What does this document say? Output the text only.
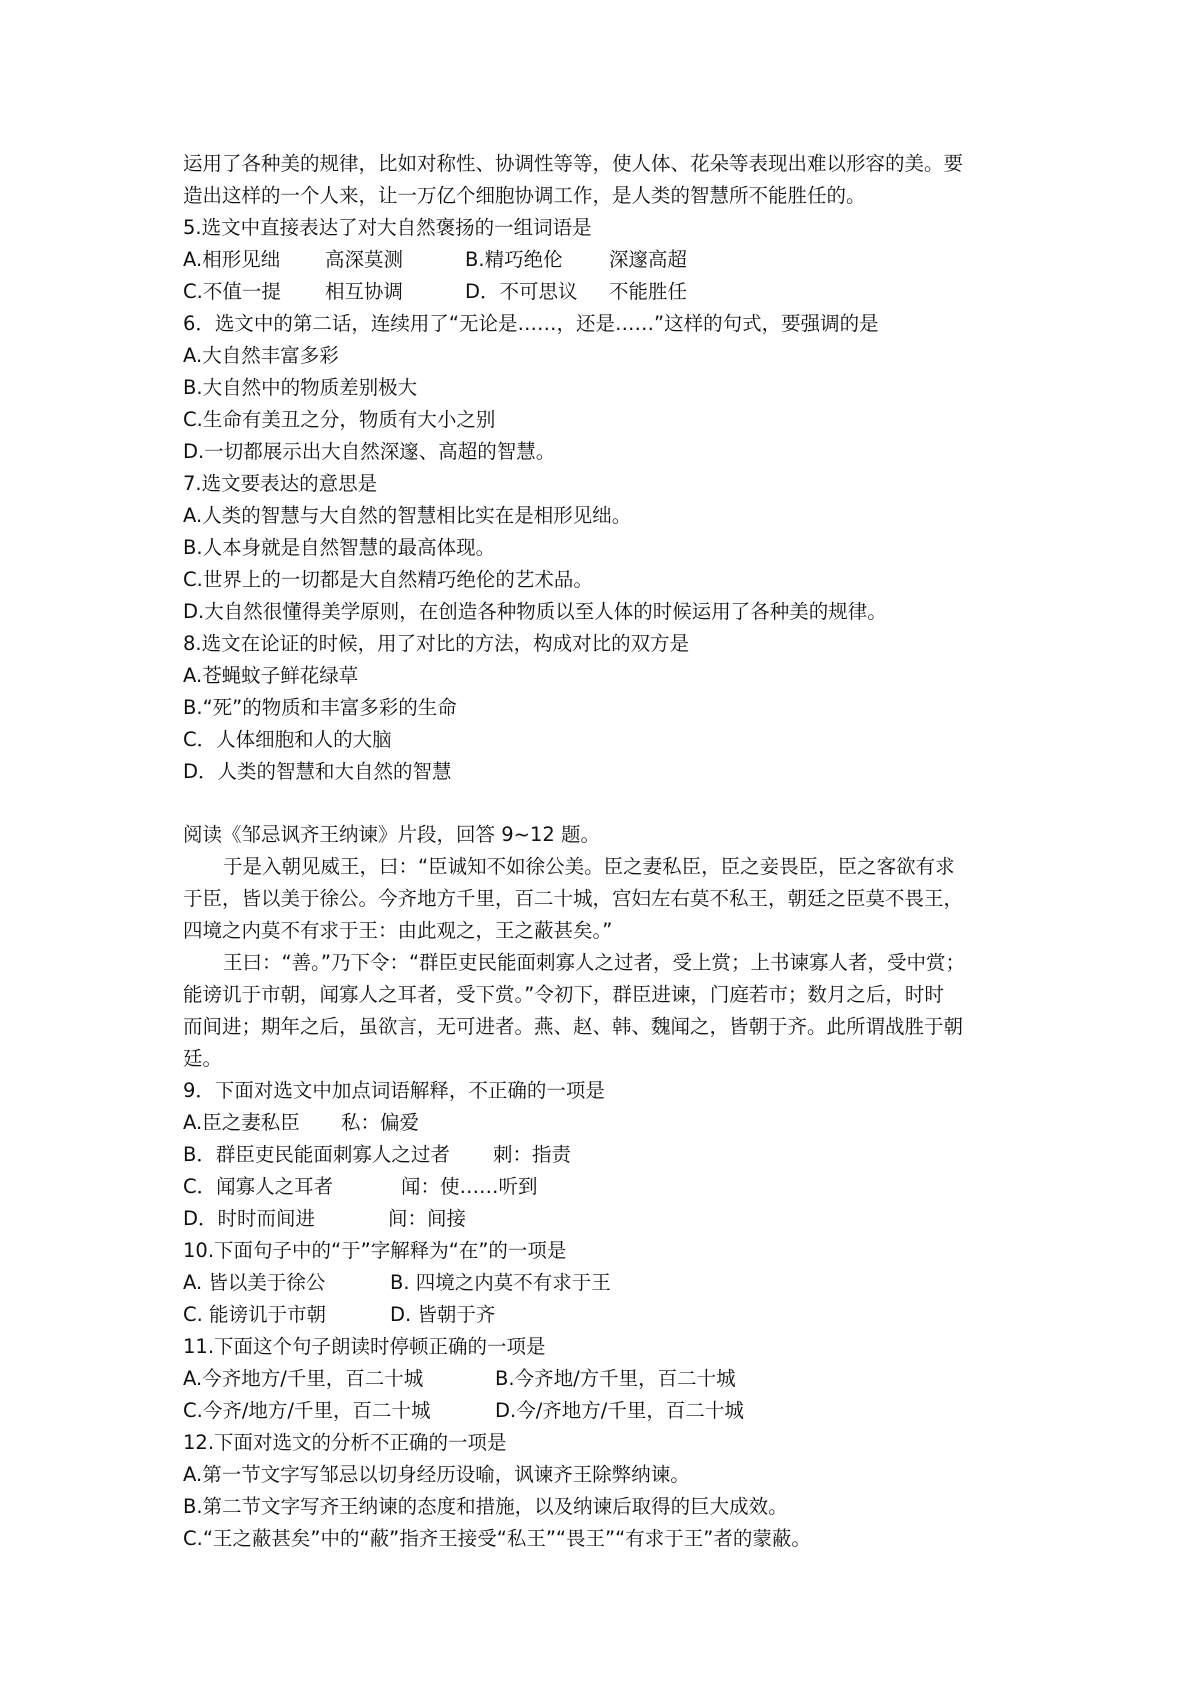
运用了各种美的规律，比如对称性、协调性等等，使人体、花朵等表现出难以形容的美。要
造出这样的一个人来，让一万亿个细胞协调工作，是人类的智慧所不能胜任的。
5.选文中直接表达了对大自然褒扬的一组词语是
A.相形见绌 高深莫测	B.精巧绝伦 深邃高超
C.不值一提 相互协调	D．不可思议 不能胜任
6．选文中的第二话，连续用了“无论是……，还是……”这样的句式，要强调的是
A.大自然丰富多彩
B.大自然中的物质差别极大
C.生命有美丑之分，物质有大小之别
D.一切都展示出大自然深邃、高超的智慧。
7.选文要表达的意思是
A.人类的智慧与大自然的智慧相比实在是相形见绌。
B.人本身就是自然智慧的最高体现。
C.世界上的一切都是大自然精巧绝伦的艺术品。
D.大自然很懂得美学原则，在创造各种物质以至人体的时候运用了各种美的规律。
8.选文在论证的时候，用了对比的方法，构成对比的双方是
A.苍蝇蚊子鲜花绿草
B.“死”的物质和丰富多彩的生命
C．人体细胞和人的大脑
D．人类的智慧和大自然的智慧
阅读《邹忌讽齐王纳谏》片段，回答 9~12 题。
于是入朝见威王，曰：“臣诚知不如徐公美。臣之妻私臣，臣之妾畏臣，臣之客欲有求
于臣，皆以美于徐公。今齐地方千里，百二十城，宫妇左右莫不私王，朝廷之臣莫不畏王，
四境之内莫不有求于王：由此观之，王之蔽甚矣。”
王曰：“善。”乃下令：“群臣吏民能面刺寡人之过者，受上赏；上书谏寡人者，受中赏；
能谤讥于市朝，闻寡人之耳者，受下赏。”令初下，群臣进谏，门庭若市；数月之后，时时
而间进；期年之后，虽欲言，无可进者。燕、赵、韩、魏闻之，皆朝于齐。此所谓战胜于朝
廷。
9．下面对选文中加点词语解释，不正确的一项是
A.臣之妻私臣 私：偏爱
B．群臣吏民能面刺寡人之过者 刺：指责
C．闻寡人之耳者	闻：使……听到
D．时时而间进	间：间接
10.下面句子中的“于”字解释为“在”的一项是
A. 皆以美于徐公	B. 四境之内莫不有求于王
C. 能谤讥于市朝	D. 皆朝于齐
11.下面这个句子朗读时停顿正确的一项是
A.今齐地方/千里，百二十城	B.今齐地/方千里，百二十城
C.今齐/地方/千里，百二十城	D.今/齐地方/千里，百二十城
12.下面对选文的分析不正确的一项是
A.第一节文字写邹忌以切身经历设喻，讽谏齐王除弊纳谏。
B.第二节文字写齐王纳谏的态度和措施，以及纳谏后取得的巨大成效。
C.“王之蔽甚矣”中的“蔽”指齐王接受“私王”“畏王”“有求于王”者的蒙蔽。
